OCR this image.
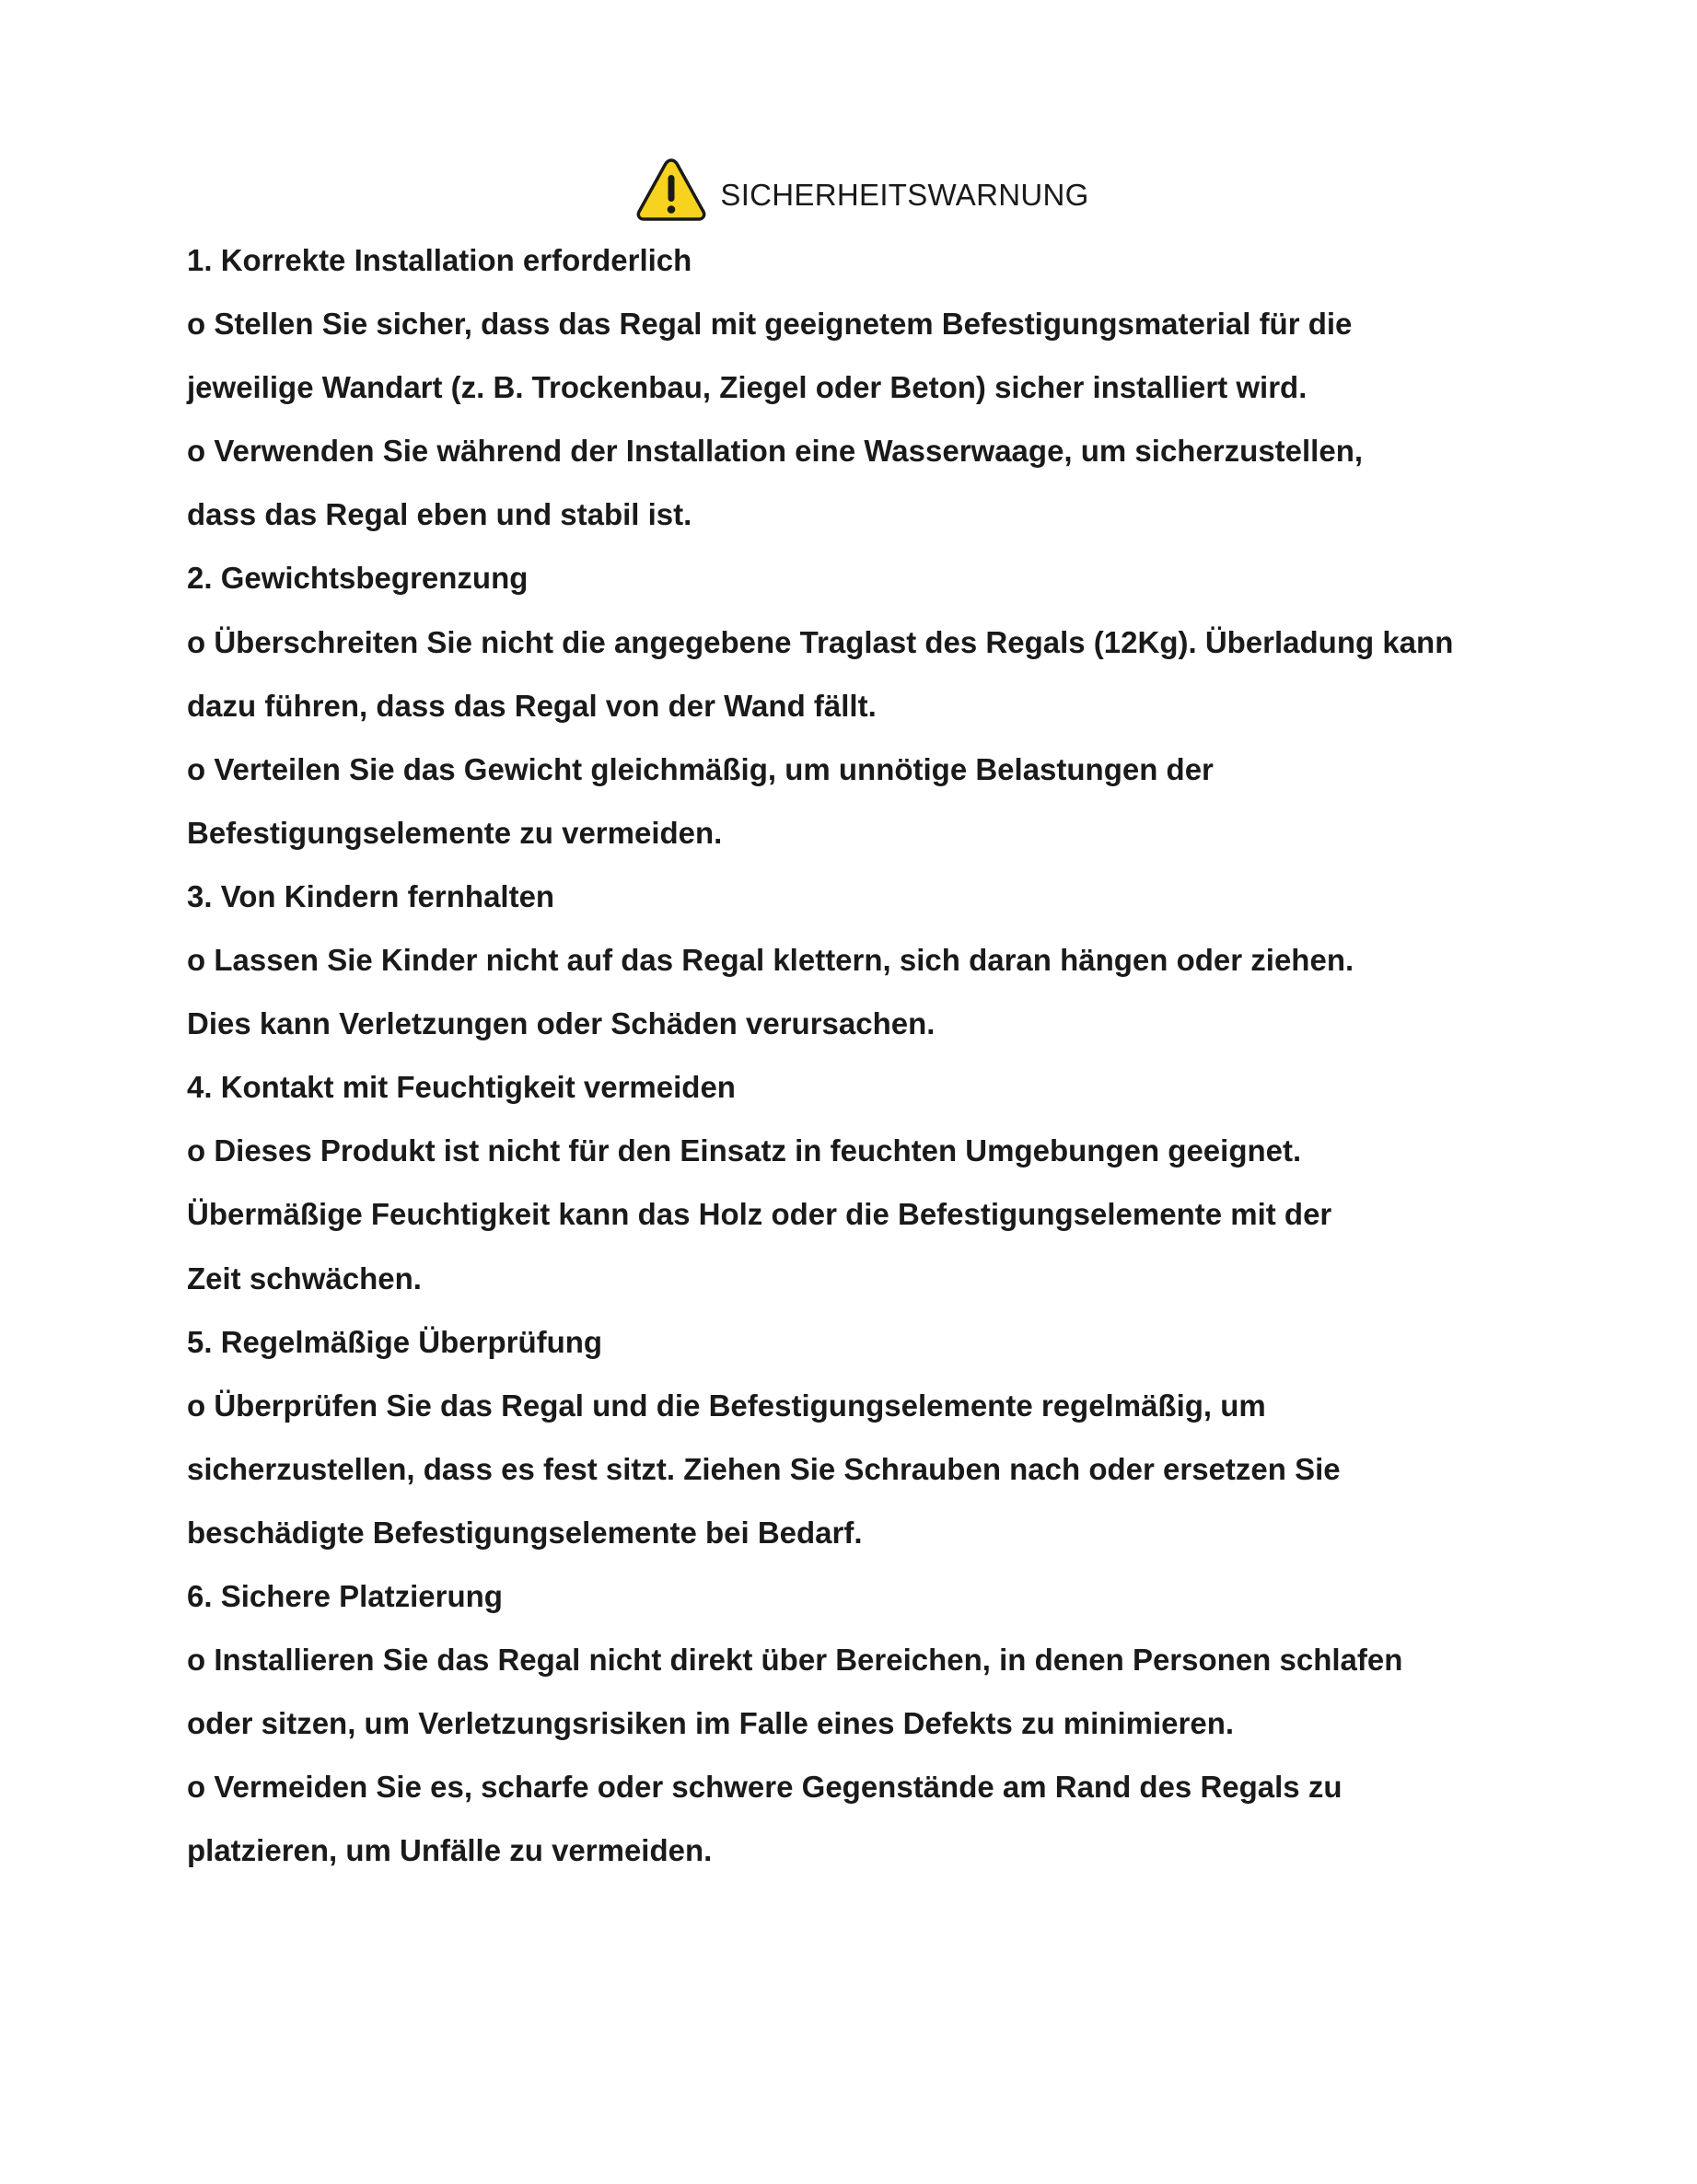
SICHERHEITSWARNUNG
1. Korrekte Installation erforderlich
o Stellen Sie sicher, dass das Regal mit geeignetem Befestigungsmaterial für die
jeweilige Wandart (z. B. Trockenbau, Ziegel oder Beton) sicher installiert wird.
o Verwenden Sie während der Installation eine Wasserwaage, um sicherzustellen,
dass das Regal eben und stabil ist.
2. Gewichtsbegrenzung
o Überschreiten Sie nicht die angegebene Traglast des Regals (12Kg). Überladung kann
dazu führen, dass das Regal von der Wand fällt.
o Verteilen Sie das Gewicht gleichmäßig, um unnötige Belastungen der
Befestigungselemente zu vermeiden.
3. Von Kindern fernhalten
o Lassen Sie Kinder nicht auf das Regal klettern, sich daran hängen oder ziehen.
Dies kann Verletzungen oder Schäden verursachen.
4. Kontakt mit Feuchtigkeit vermeiden
o Dieses Produkt ist nicht für den Einsatz in feuchten Umgebungen geeignet.
Übermäßige Feuchtigkeit kann das Holz oder die Befestigungselemente mit der
Zeit schwächen.
5. Regelmäßige Überprüfung
o Überprüfen Sie das Regal und die Befestigungselemente regelmäßig, um
sicherzustellen, dass es fest sitzt. Ziehen Sie Schrauben nach oder ersetzen Sie
beschädigte Befestigungselemente bei Bedarf.
6. Sichere Platzierung
o Installieren Sie das Regal nicht direkt über Bereichen, in denen Personen schlafen
oder sitzen, um Verletzungsrisiken im Falle eines Defekts zu minimieren.
o Vermeiden Sie es, scharfe oder schwere Gegenstände am Rand des Regals zu
platzieren, um Unfälle zu vermeiden.
